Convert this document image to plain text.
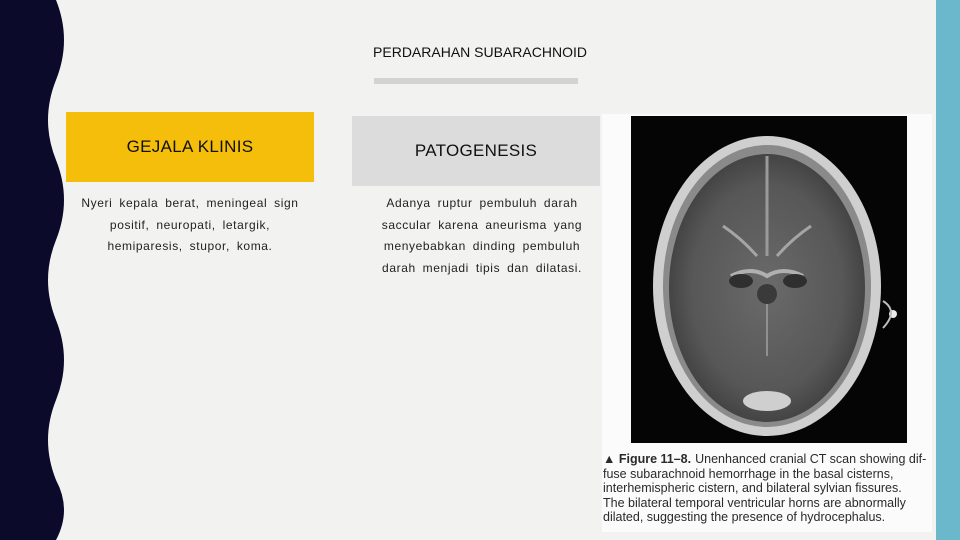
PERDARAHAN SUBARACHNOID
GEJALA KLINIS
Nyeri kepala berat, meningeal sign
positif, neuropati, letargik,
hemiparesis, stupor, koma.
PATOGENESIS
Adanya ruptur pembuluh darah
saccular karena aneurisma yang
menyebabkan dinding pembuluh
darah menjadi tipis dan dilatasi.
▲ Figure 11–8. Unenhanced cranial CT scan showing dif-
fuse subarachnoid hemorrhage in the basal cisterns,
interhemispheric cistern, and bilateral sylvian fissures.
The bilateral temporal ventricular horns are abnormally
dilated, suggesting the presence of hydrocephalus.
